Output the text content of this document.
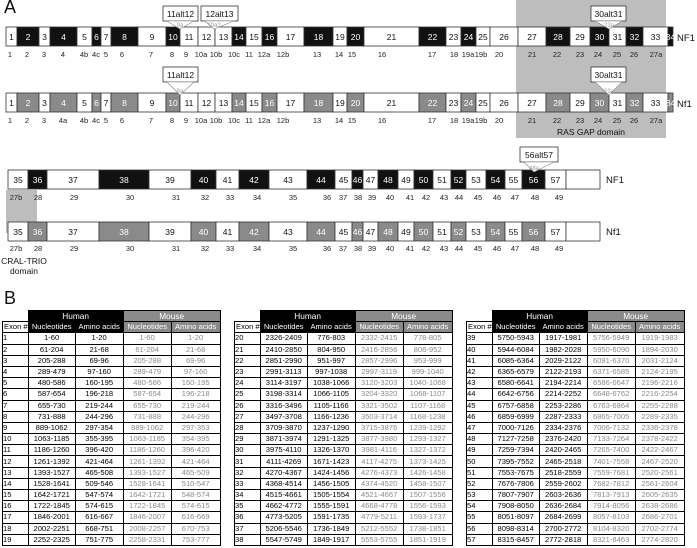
A
B
1 2 3 4 5 6 7 8	9 10 11 12 13 14 15 16 17 18 19 20	21	22 23 24 25 26 27 28 29 30 31 32 33 34
1 2 3 4 5 6 7 8	9 10 11 12 13 14 15 16 17 18 19 20	21	22 23 24 25 26 27 28 29 30 31 32 33 34
1 2 3 4 4b 4c 5 6	7 8 9 10a 10b 10c 11 12a 12b	13 14 15	16	17 18 19a 19b 20	21 22 23 24 25 26 27a
1 2 3 4a 4b 4c 5 6	7 8 9 10a 10b 10c 11 12a 12b	13 14 15	16	17 18 19a 19b 20	21 22 23 24 25 26 27a
NF1
Nf1
11alt12
9a
12alt13
10a2
30alt31
23a
11alt12
9a
30alt31
23a
RAS GAP domain
35 36	37	38	39	40 41 42	43	44 45 46 47 48 49 50 51 52 53 54 55 56 57
35 36	37	38	39	40 41 42	43	44 45 46 47 48 49 50 51 52 53 54 55 56 57
27b 28	29	30	31	32 33 34	35	36 37 38 39 40 41 42 43 44 45 46 47 48 49
27b 28	29	30	31	32 33 34	35	36 37 38 39 40 41 42 43 44 45 46 47 48 49
NF1
Nf1
56alt57
48a
CRAL-TRIO
domain
	Human		Mouse	
Exon #	Nucleotides	Amino acids	Nucleotides	Amino acids
1	1-60	1-20	1-60	1-20
2	61-204	21-68	61-204	21-68
3	205-288	69-96	205-288	69-96
4	289-479	97-160	289-479	97-160
5	480-586	160-195	480-586	160-195
6	587-654	196-218	587-654	196-218
7	655-730	219-244	655-730	219-244
8	731-888	244-296	731-888	244-296
9	889-1062	297-354	889-1062	297-353
10	1063-1185	355-395	1063-1185	354-395
11	1186-1260	396-420	1186-1260	396-420
12	1261-1392	421-464	1261-1392	421-464
13	1393-1527	465-508	1393-1527	465-509
14	1528-1641	509-546	1528-1641	510-547
15	1642-1721	547-574	1642-1721	548-574
16	1722-1845	574-615	1722-1845	574-615
17	1846-2001	616-667	1846-2007	616-669
18	2002-2251	668-751	2008-2257	670-753
19	2252-2325	751-775	2258-2331	753-777
	Human		Mouse	
Exon #	Nucleotides	Amino acids	Nucleotides	Amino acids
20	2326-2409	776-803	2332-2415	778-805
21	2410-2850	804-950	2416-2856	806-952
22	2851-2990	951-997	2857-2996	953-999
23	2991-3113	997-1038	2997-3119	999-1040
24	3114-3197	1038-1066	3120-3203	1040-1068
25	3198-3314	1066-1105	3204-3320	1068-1107
26	3316-3496	1105-1166	3321-3502	1107-1168
27	3497-3708	1166-1236	3503-3714	1168-1238
28	3709-3870	1237-1290	3715-3876	1239-1292
29	3871-3974	1291-1325	3877-3980	1293-1327
30	3975-4110	1326-1370	3981-4116	1327-1372
31	4111-4269	1671-1423	4117-4275	1373-1425
32	4270-4367	1424-1456	4276-4373	1426-1458
33	4368-4514	1456-1505	4374-4520	1458-1507
34	4515-4661	1505-1554	4521-4667	1507-1556
35	4662-4772	1555-1591	4668-4778	1556-1593
36	4773-5205	1591-1735	4779-5211	1593-1737
37	5206-5546	1736-1849	5212-5552	1738-1851
38	5547-5749	1849-1917	5553-5755	1851-1919
	Human		Mouse	
Exon #	Nucleotides	Amino acids	Nucleotides	Amino acids
39	5750-5943	1917-1981	5756-5949	1919-1983
40	5944-6084	1982-2028	5950-6090	1894-2030
41	6085-6364	2029-2122	6091-6370	2031-2124
42	6365-6579	2122-2193	6371-6585	2124-2195
43	6580-6641	2194-2214	6586-6647	2196-2216
44	6642-6756	2214-2252	6648-6762	2216-2254
45	6757-6858	2253-2286	6763-6864	2255-2288
46	6859-6999	2287-2333	6865-7005	2289-2335
47	7000-7126	2334-2376	7006-7132	2336-2378
48	7127-7258	2376-2420	7133-7264	2378-2422
49	7259-7394	2420-2465	7265-7400	2422-2467
50	7395-7552	2465-2518	7401-7558	2467-2520
51	7553-7675	2518-2559	7559-7681	2520-2561
52	7676-7806	2559-2602	7682-7812	2561-2604
53	7807-7907	2603-2636	7813-7913	2605-2635
54	7908-8050	2636-2684	7914-8056	2638-2686
55	8051-8097	2684-2699	8057-8103	2686-2701
56	8098-8314	2700-2772	8104-8320	2702-2774
57	8315-8457	2772-2818	8321-8463	2774-2820
